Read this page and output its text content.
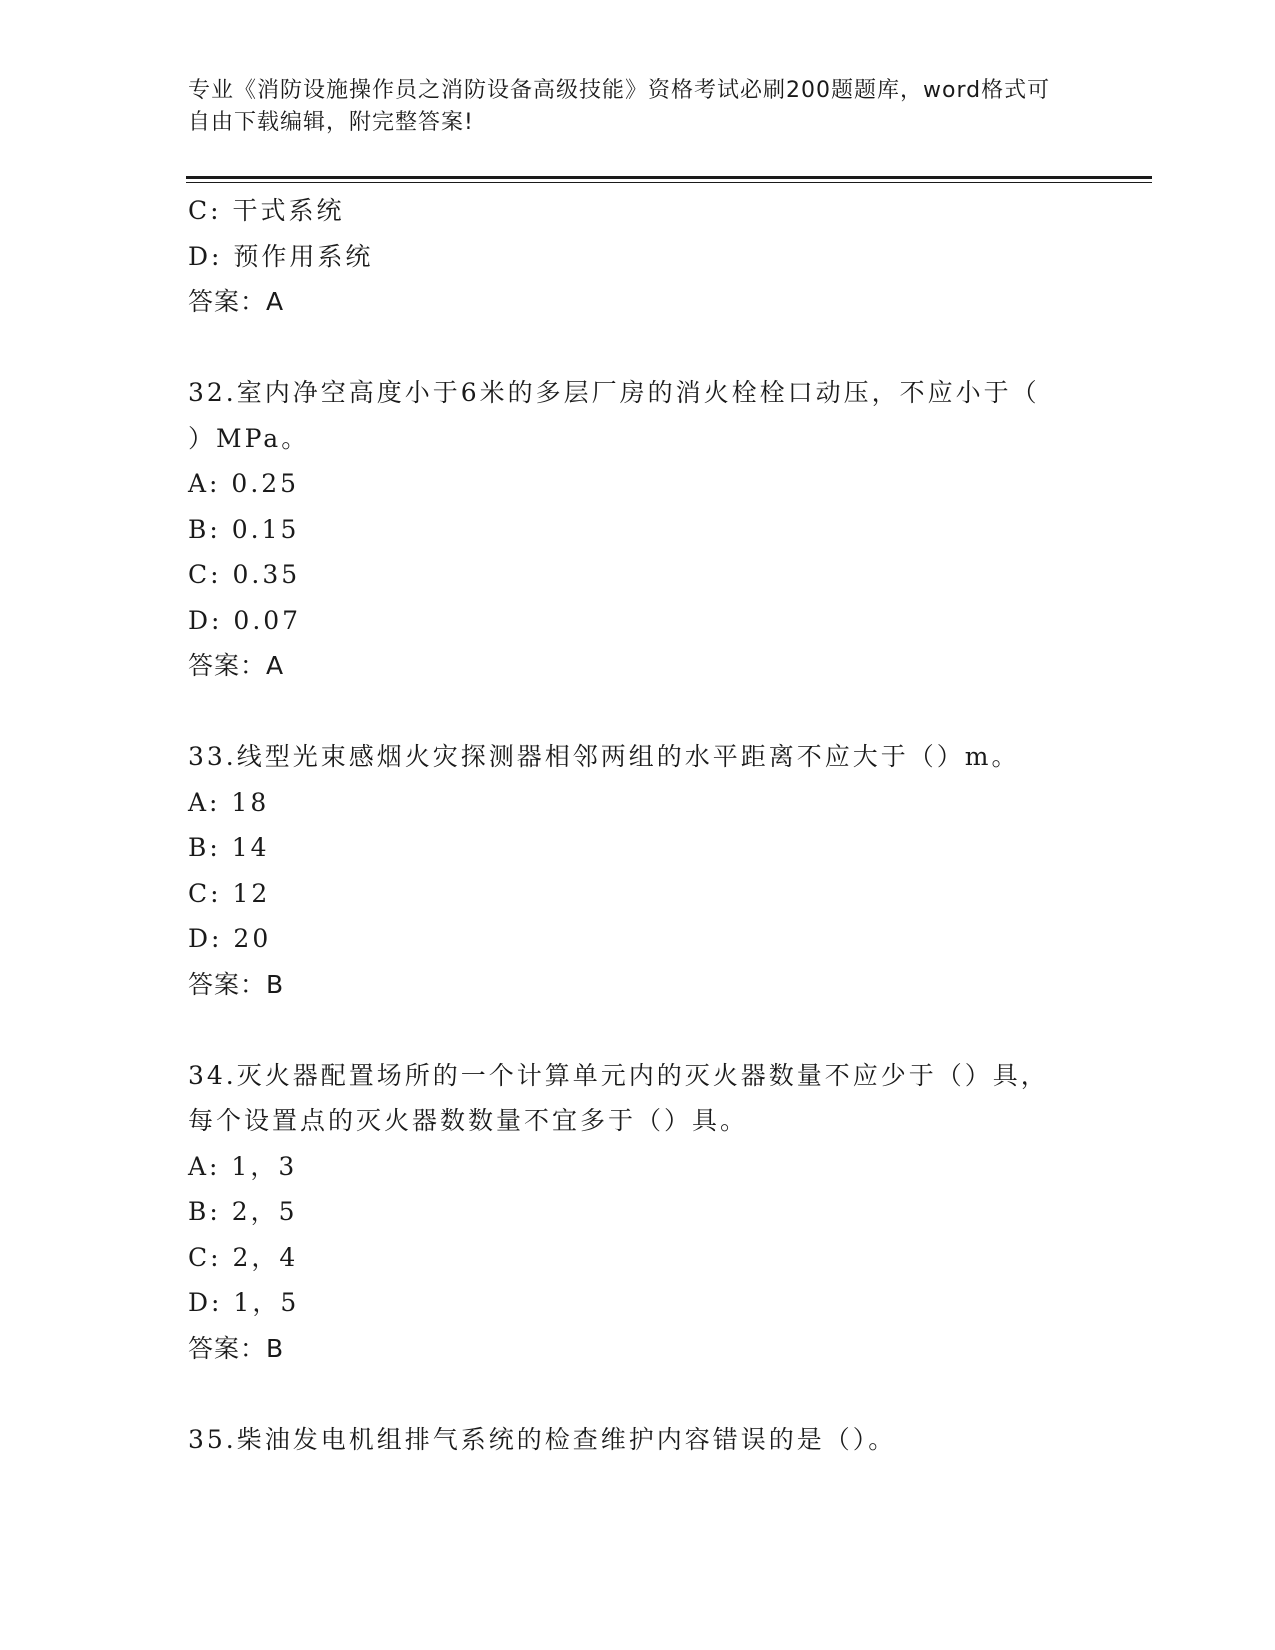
专业《消防设施操作员之消防设备高级技能》资格考试必刷200题题库，word格式可自由下载编辑，附完整答案!
C: 干式系统
D: 预作用系统
答案：A
32.室内净空高度小于6米的多层厂房的消火栓栓口动压，不应小于（
）MPa。
A: 0.25
B: 0.15
C: 0.35
D: 0.07
答案：A
33.线型光束感烟火灾探测器相邻两组的水平距离不应大于（）m。
A: 18
B: 14
C: 12
D: 20
答案：B
34.灭火器配置场所的一个计算单元内的灭火器数量不应少于（）具，
每个设置点的灭火器数数量不宜多于（）具。
A: 1，3
B: 2，5
C: 2，4
D: 1，5
答案：B
35.柴油发电机组排气系统的检查维护内容错误的是（）。
